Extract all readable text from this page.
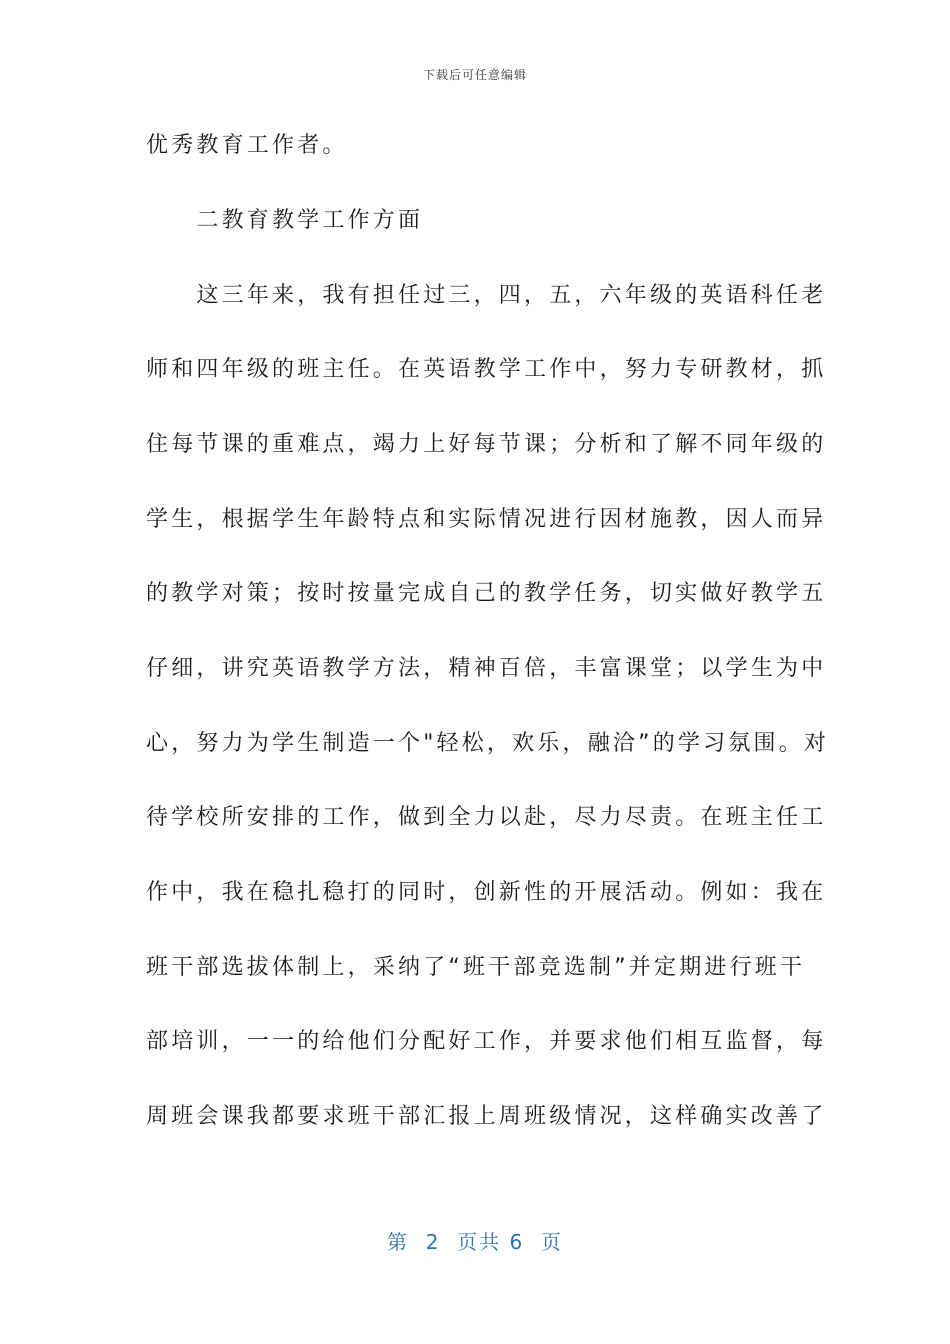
下载后可任意编辑
优秀教育工作者。
　　二教育教学工作方面
　　这三年来，我有担任过三，四，五，六年级的英语科任老
师和四年级的班主任。在英语教学工作中，努力专研教材，抓
住每节课的重难点，竭力上好每节课；分析和了解不同年级的
学生，根据学生年龄特点和实际情况进行因材施教，因人而异
的教学对策；按时按量完成自己的教学任务，切实做好教学五
仔细，讲究英语教学方法，精神百倍，丰富课堂；以学生为中
心，努力为学生制造一个"轻松，欢乐，融洽”的学习氛围。对
待学校所安排的工作，做到全力以赴，尽力尽责。在班主任工
作中，我在稳扎稳打的同时，创新性的开展活动。例如：我在
班干部选拔体制上，采纳了“班干部竞选制”并定期进行班干
部培训，一一的给他们分配好工作，并要求他们相互监督，每
周班会课我都要求班干部汇报上周班级情况，这样确实改善了
第  2  页共 6  页
